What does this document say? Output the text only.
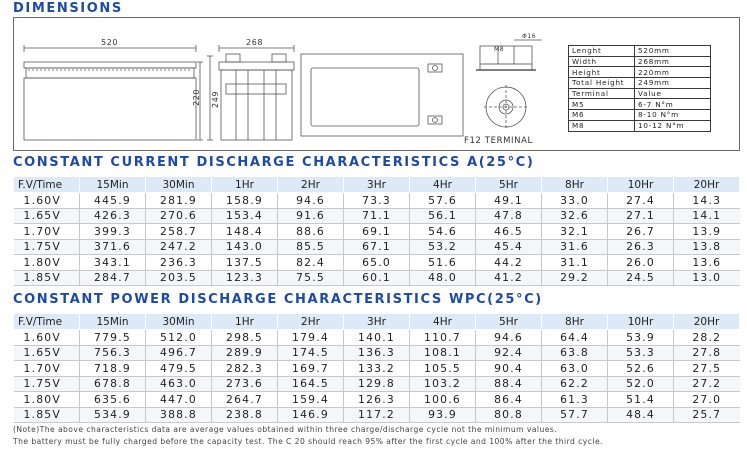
DIMENSIONS
520	268
220 249
M8
Φ16
F12 TERMINAL
Lenght	520mm
Width	268mm
Height	220mm
Total Height	249mm
Terminal	Value
M5	6-7 N°m
M6	8-10 N°m
M8	10-12 N°m
CONSTANT CURRENT DISCHARGE CHARACTERISTICS A(25°C)
F.V/Time	15Min	30Min	1Hr	2Hr	3Hr	4Hr	5Hr	8Hr	10Hr	20Hr
1.60V	445.9	281.9	158.9	94.6	73.3	57.6	49.1	33.0	27.4	14.3
1.65V	426.3	270.6	153.4	91.6	71.1	56.1	47.8	32.6	27.1	14.1
1.70V	399.3	258.7	148.4	88.6	69.1	54.6	46.5	32.1	26.7	13.9
1.75V	371.6	247.2	143.0	85.5	67.1	53.2	45.4	31.6	26.3	13.8
1.80V	343.1	236.3	137.5	82.4	65.0	51.6	44.2	31.1	26.0	13.6
1.85V	284.7	203.5	123.3	75.5	60.1	48.0	41.2	29.2	24.5	13.0
CONSTANT POWER DISCHARGE CHARACTERISTICS WPC(25°C)
F.V/Time	15Min	30Min	1Hr	2Hr	3Hr	4Hr	5Hr	8Hr	10Hr	20Hr
1.60V	779.5	512.0	298.5	179.4	140.1	110.7	94.6	64.4	53.9	28.2
1.65V	756.3	496.7	289.9	174.5	136.3	108.1	92.4	63.8	53.3	27.8
1.70V	718.9	479.5	282.3	169.7	133.2	105.5	90.4	63.0	52.6	27.5
1.75V	678.8	463.0	273.6	164.5	129.8	103.2	88.4	62.2	52.0	27.2
1.80V	635.6	447.0	264.7	159.4	126.3	100.6	86.4	61.3	51.4	27.0
1.85V	534.9	388.8	238.8	146.9	117.2	93.9	80.8	57.7	48.4	25.7
(Note)The above characteristics data are average values obtained within three charge/discharge cycle not the minimum values.
The battery must be fully charged before the capacity test. The C 20 should reach 95% after the first cycle and 100% after the third cycle.
